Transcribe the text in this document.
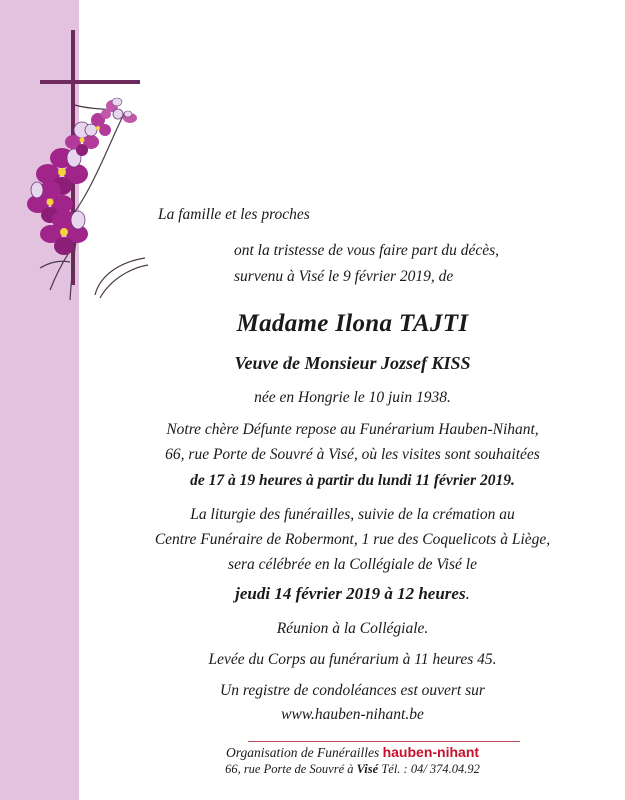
La famille et les proches
ont la tristesse de vous faire part du décès,
survenu à Visé le 9 février 2019, de
Madame Ilona TAJTI
Veuve de Monsieur Jozsef KISS
née en Hongrie le 10 juin 1938.
Notre chère Défunte repose au Funérarium Hauben-Nihant,
66, rue Porte de Souvré à Visé, où les visites sont souhaitées
de 17 à 19 heures à partir du lundi 11 février 2019.
La liturgie des funérailles, suivie de la crémation au
Centre Funéraire de Robermont, 1 rue des Coquelicots à Liège,
sera célébrée en la Collégiale de Visé le
jeudi 14 février 2019 à 12 heures.
Réunion à la Collégiale.
Levée du Corps au funérarium à 11 heures 45.
Un registre de condoléances est ouvert sur
www.hauben-nihant.be
Organisation de Funérailles hauben-nihant
66, rue Porte de Souvré à Visé Tél. : 04/ 374.04.92
